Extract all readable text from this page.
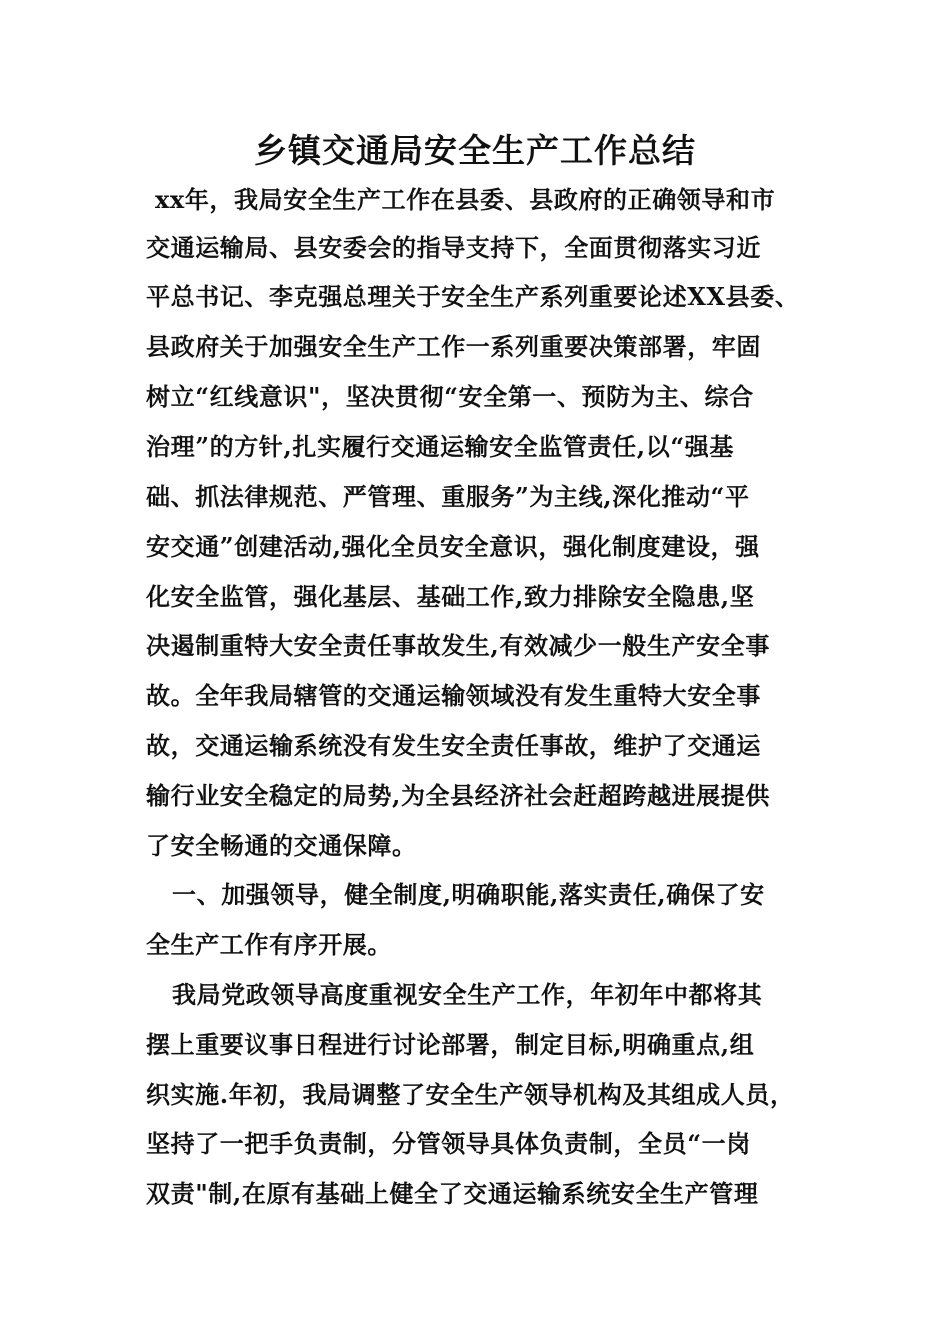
乡镇交通局安全生产工作总结
xx年，我局安全生产工作在县委、县政府的正确领导和市
交通运输局、县安委会的指导支持下，全面贯彻落实习近
平总书记、李克强总理关于安全生产系列重要论述XX县委、
县政府关于加强安全生产工作一系列重要决策部署，牢固
树立“红线意识"，坚决贯彻“安全第一、预防为主、综合
治理”的方针,扎实履行交通运输安全监管责任,以“强基
础、抓法律规范、严管理、重服务”为主线,深化推动“平
安交通”创建活动,强化全员安全意识，强化制度建设，强
化安全监管，强化基层、基础工作,致力排除安全隐患,坚
决遏制重特大安全责任事故发生,有效减少一般生产安全事
故。全年我局辖管的交通运输领域没有发生重特大安全事
故，交通运输系统没有发生安全责任事故，维护了交通运
输行业安全稳定的局势,为全县经济社会赶超跨越进展提供
了安全畅通的交通保障。
一、加强领导，健全制度,明确职能,落实责任,确保了安
全生产工作有序开展。
我局党政领导高度重视安全生产工作，年初年中都将其
摆上重要议事日程进行讨论部署，制定目标,明确重点,组
织实施.年初，我局调整了安全生产领导机构及其组成人员，
坚持了一把手负责制，分管领导具体负责制，全员“一岗
双责"制,在原有基础上健全了交通运输系统安全生产管理
